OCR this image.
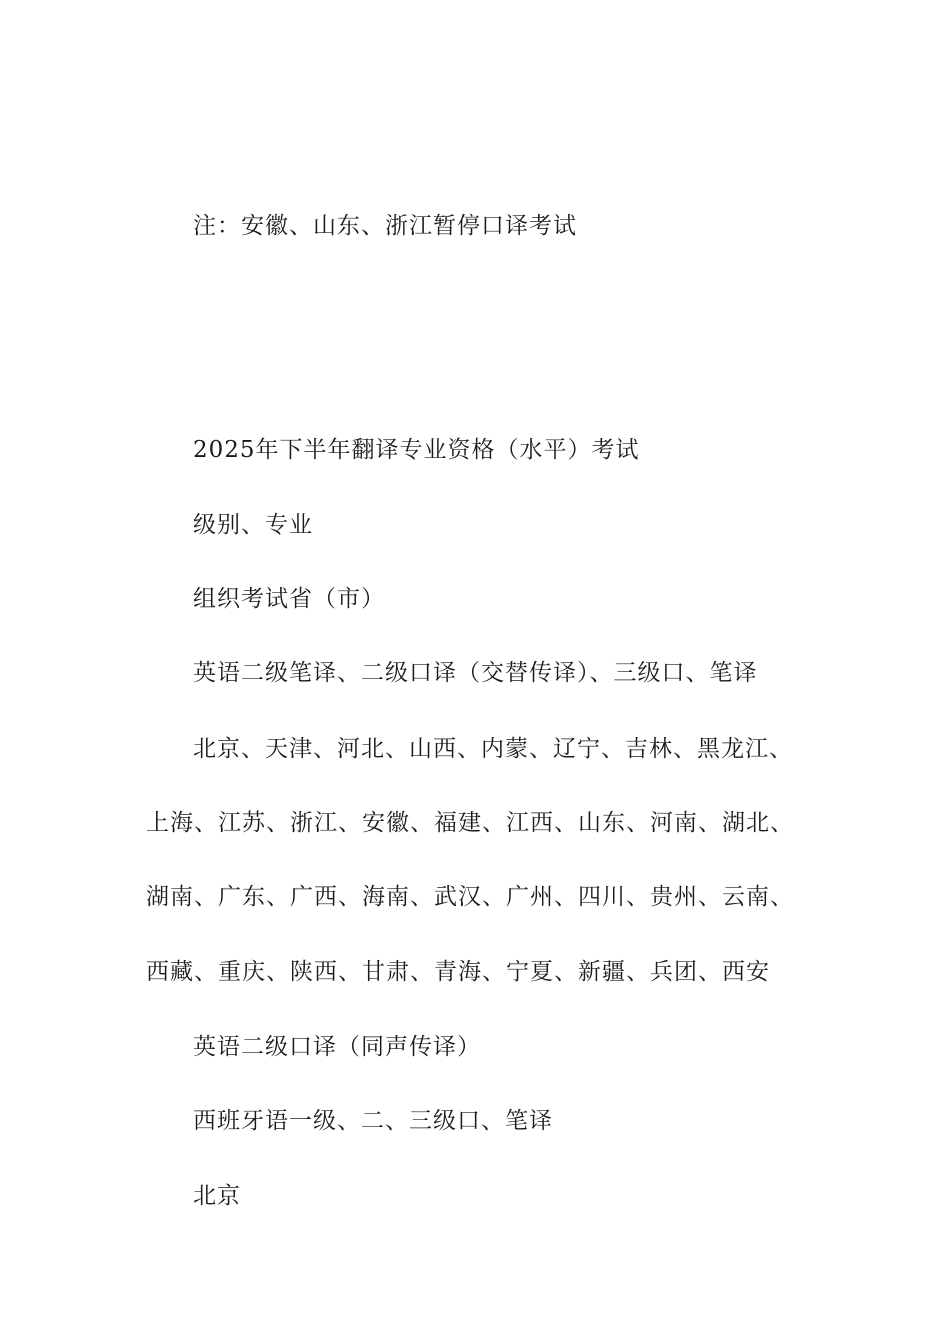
注：安徽、山东、浙江暂停口译考试
2025年下半年翻译专业资格（水平）考试
级别、专业
组织考试省（市）
英语二级笔译、二级口译（交替传译）、三级口、笔译
北京、天津、河北、山西、内蒙、辽宁、吉林、黑龙江、
上海、江苏、浙江、安徽、福建、江西、山东、河南、湖北、
湖南、广东、广西、海南、武汉、广州、四川、贵州、云南、
西藏、重庆、陕西、甘肃、青海、宁夏、新疆、兵团、西安
英语二级口译（同声传译）
西班牙语一级、二、三级口、笔译
北京
